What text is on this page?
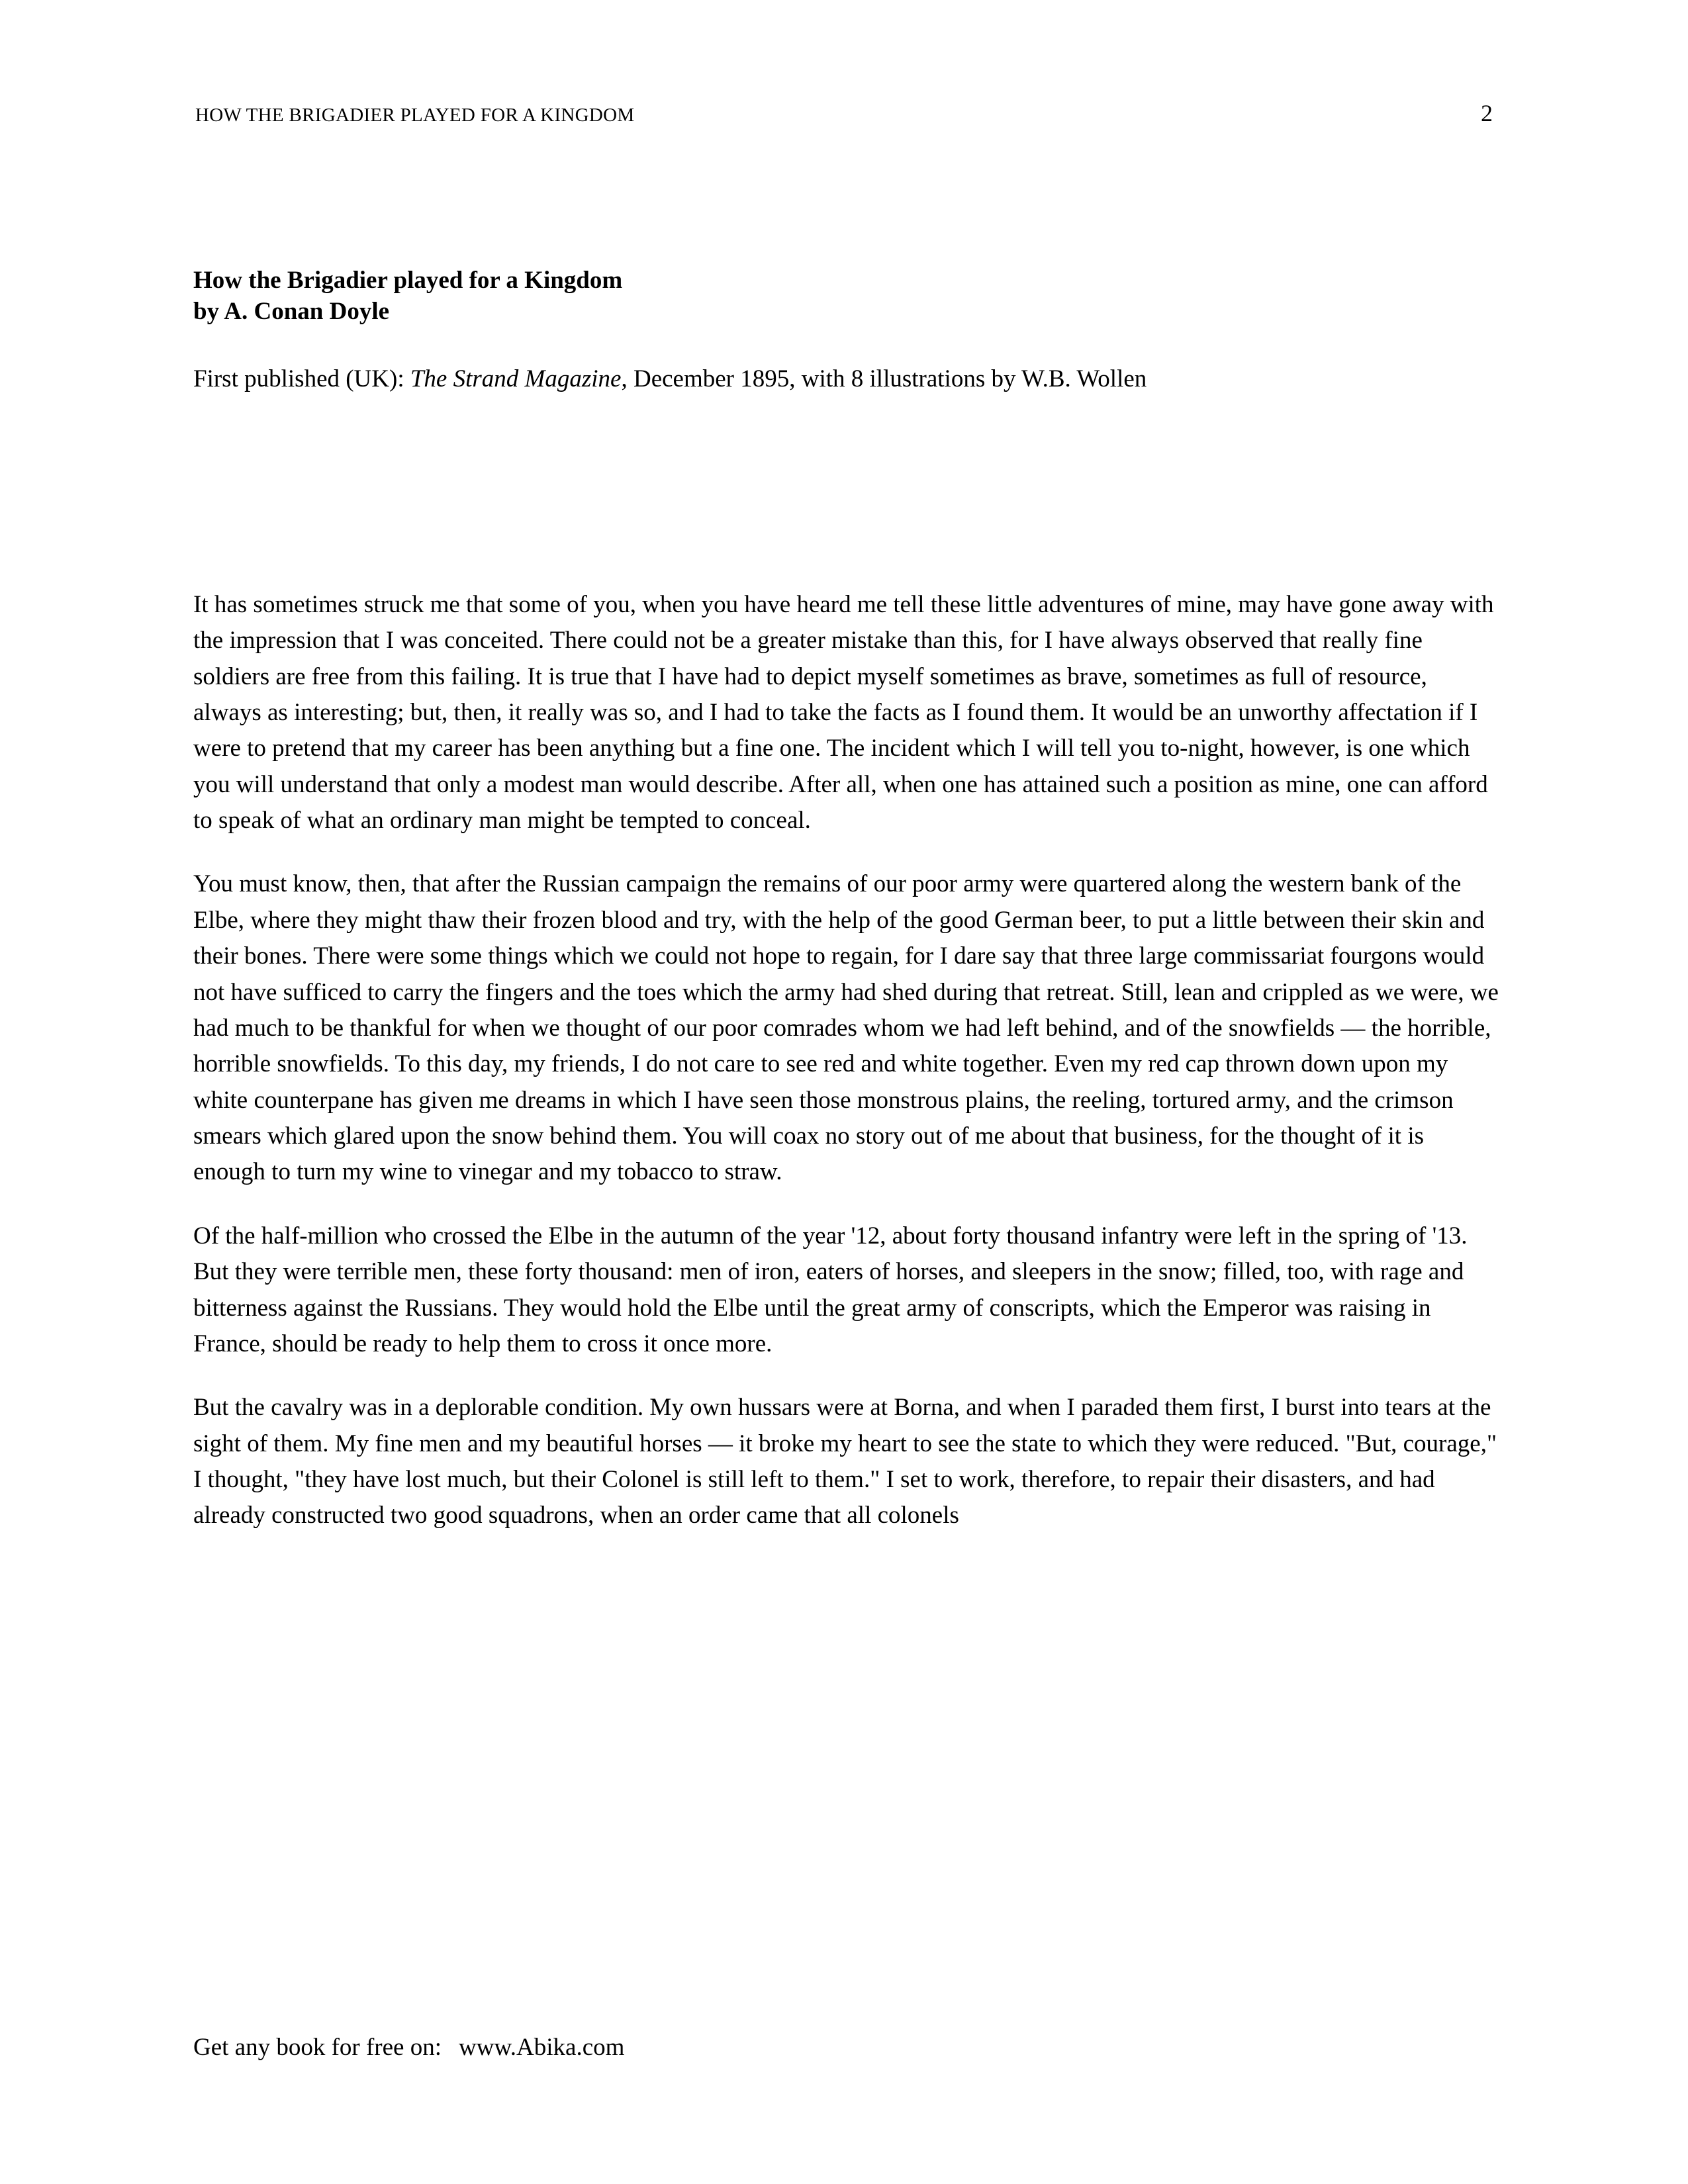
HOW THE BRIGADIER PLAYED FOR A KINGDOM	2
How the Brigadier played for a Kingdom
by A. Conan Doyle
First published (UK): The Strand Magazine, December 1895, with 8 illustrations by W.B. Wollen

It has sometimes struck me that some of you, when you have heard me tell these little adventures of mine, may have gone away with the impression that I was conceited. There could not be a greater mistake than this, for I have always observed that really fine soldiers are free from this failing. It is true that I have had to depict myself sometimes as brave, sometimes as full of resource, always as interesting; but, then, it really was so, and I had to take the facts as I found them. It would be an unworthy affectation if I were to pretend that my career has been anything but a fine one. The incident which I will tell you to-night, however, is one which you will understand that only a modest man would describe. After all, when one has attained such a position as mine, one can afford to speak of what an ordinary man might be tempted to conceal.

You must know, then, that after the Russian campaign the remains of our poor army were quartered along the western bank of the Elbe, where they might thaw their frozen blood and try, with the help of the good German beer, to put a little between their skin and their bones. There were some things which we could not hope to regain, for I dare say that three large commissariat fourgons would not have sufficed to carry the fingers and the toes which the army had shed during that retreat. Still, lean and crippled as we were, we had much to be thankful for when we thought of our poor comrades whom we had left behind, and of the snowfields — the horrible, horrible snowfields. To this day, my friends, I do not care to see red and white together. Even my red cap thrown down upon my white counterpane has given me dreams in which I have seen those monstrous plains, the reeling, tortured army, and the crimson smears which glared upon the snow behind them. You will coax no story out of me about that business, for the thought of it is enough to turn my wine to vinegar and my tobacco to straw.

Of the half-million who crossed the Elbe in the autumn of the year '12, about forty thousand infantry were left in the spring of '13. But they were terrible men, these forty thousand: men of iron, eaters of horses, and sleepers in the snow; filled, too, with rage and bitterness against the Russians. They would hold the Elbe until the great army of conscripts, which the Emperor was raising in France, should be ready to help them to cross it once more.

But the cavalry was in a deplorable condition. My own hussars were at Borna, and when I paraded them first, I burst into tears at the sight of them. My fine men and my beautiful horses — it broke my heart to see the state to which they were reduced. "But, courage," I thought, "they have lost much, but their Colonel is still left to them." I set to work, therefore, to repair their disasters, and had already constructed two good squadrons, when an order came that all colonels

Get any book for free on: www.Abika.com
